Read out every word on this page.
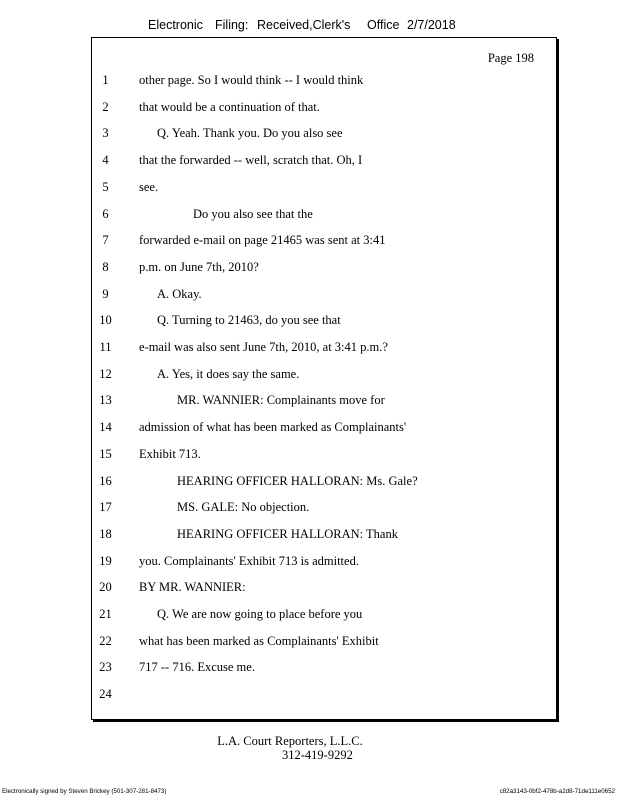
Electronic Filing: Received,Clerk's Office 2/7/2018
Page 198
1	other page. So I would think -- I would think
2	that would be a continuation of that.
3	Q. Yeah. Thank you. Do you also see
4	that the forwarded -- well, scratch that. Oh, I
5	see.
6	Do you also see that the
7	forwarded e-mail on page 21465 was sent at 3:41
8	p.m. on June 7th, 2010?
9	A. Okay.
10	Q. Turning to 21463, do you see that
11	e-mail was also sent June 7th, 2010, at 3:41 p.m.?
12	A. Yes, it does say the same.
13	MR. WANNIER: Complainants move for
14	admission of what has been marked as Complainants'
15	Exhibit 713.
16	HEARING OFFICER HALLORAN: Ms. Gale?
17	MS. GALE: No objection.
18	HEARING OFFICER HALLORAN: Thank
19	you. Complainants' Exhibit 713 is admitted.
20	BY MR. WANNIER:
21	Q. We are now going to place before you
22	what has been marked as Complainants' Exhibit
23	717 -- 716. Excuse me.
24
L.A. Court Reporters, L.L.C.
312-419-9292
Electronically signed by Steven Brickey (501-307-281-8473)	c82a3143-0bf2-478b-a2d8-71de111e0652
